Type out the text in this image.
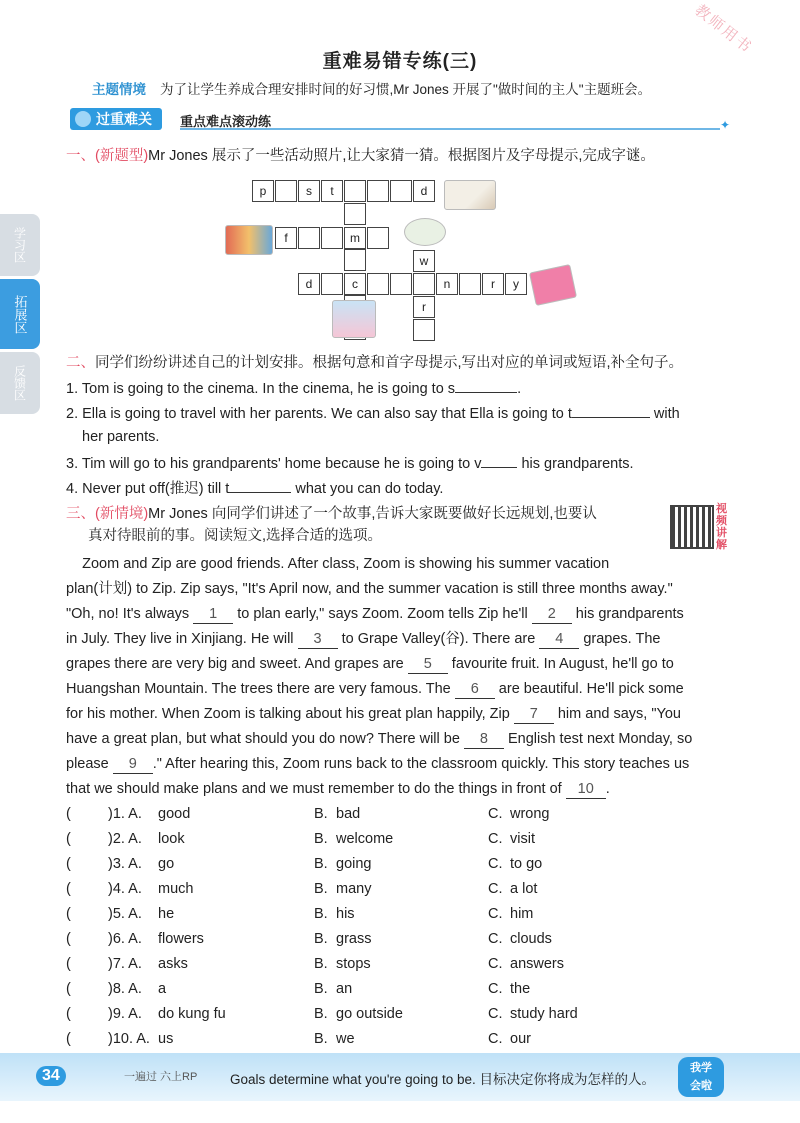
教师用书
重难易错专练(三)
主题情境 为了让学生养成合理安排时间的好习惯,Mr Jones 开展了"做时间的主人"主题班会。
过重难关	重点难点滚动练	✦
学习区
拓展区
反馈区
一、(新题型)Mr Jones 展示了一些活动照片,让大家猜一猜。根据图片及字母提示,完成字谜。
p	s	t	d
f	m
w
r
d	c	n	r	y
二、同学们纷纷讲述自己的计划安排。根据句意和首字母提示,写出对应的单词或短语,补全句子。
1. Tom is going to the cinema. In the cinema, he is going to s	.
2. Ella is going to travel with her parents. We can also say that Ella is going to t	with
her parents.
3. Tim will go to his grandparents' home because he is going to v his grandparents.
4. Never put off(推迟) till t	what you can do today.
三、(新情境)Mr Jones 向同学们讲述了一个故事,告诉大家既要做好长远规划,也要认
真对待眼前的事。阅读短文,选择合适的选项。
视频讲解
Zoom and Zip are good friends. After class, Zoom is showing his summer vacation
plan(计划) to Zip. Zip says, "It's April now, and the summer vacation is still three months away."
"Oh, no! It's always 1 to plan early," says Zoom. Zoom tells Zip he'll 2 his grandparents
in July. They live in Xinjiang. He will 3 to Grape Valley(谷). There are 4 grapes. The
grapes there are very big and sweet. And grapes are 5 favourite fruit. In August, he'll go to
Huangshan Mountain. The trees there are very famous. The 6 are beautiful. He'll pick some
for his mother. When Zoom is talking about his great plan happily, Zip 7 him and says, "You
have a great plan, but what should you do now? There will be 8 English test next Monday, so
please 9 ." After hearing this, Zoom runs back to the classroom quickly. This story teaches us
that we should make plans and we must remember to do the things in front of 10 .
(	)1. A. good	B. bad	C. wrong
(	)2. A. look	B. welcome	C. visit
(	)3. A. go	B. going	C. to go
(	)4. A. much	B. many	C. a lot
(	)5. A. he	B. his	C. him
(	)6. A. flowers	B. grass	C. clouds
(	)7. A. asks	B. stops	C. answers
(	)8. A. a	B. an	C. the
(	)9. A. do kung fu	B. go outside	C. study hard
(	)10. A. us	B. we	C. our
34	一遍过 六上RP Goals determine what you're going to be. 目标决定你将成为怎样的人。
我学
会啦
